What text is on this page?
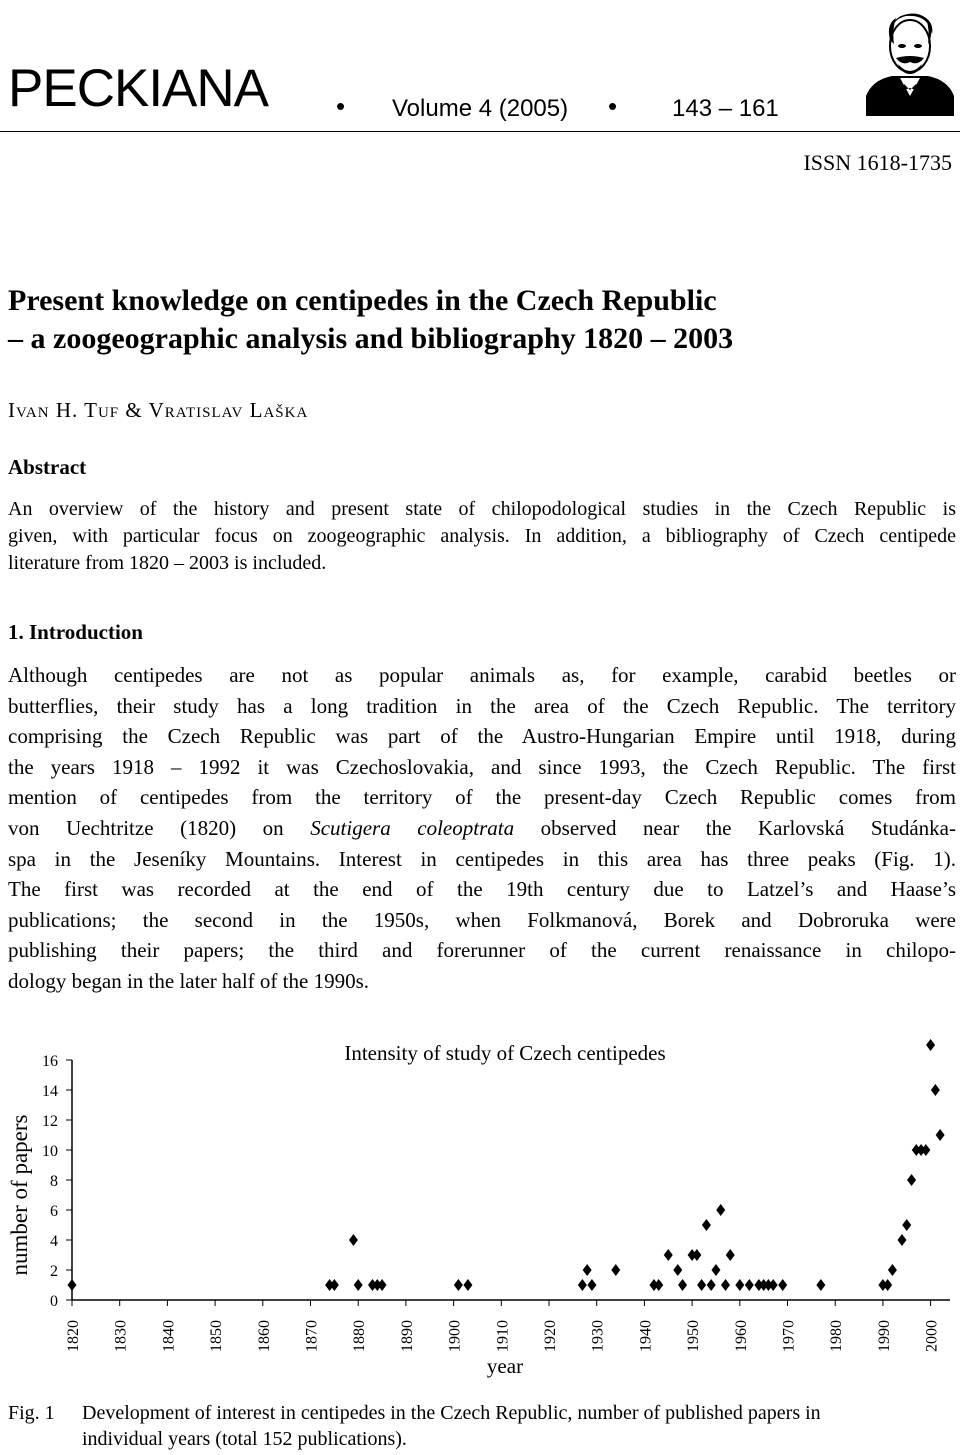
PECKIANA	• Volume 4 (2005) • 143 – 161
ISSN 1618-1735
Present knowledge on centipedes in the Czech Republic
– a zoogeographic analysis and bibliography 1820 – 2003
IVAN H. TUF & VRATISLAV LAŠKA
Abstract
An overview of the history and present state of chilopodological studies in the Czech Republic is
given, with particular focus on zoogeographic analysis. In addition, a bibliography of Czech centipede
literature from 1820 – 2003 is included.
1. Introduction
Although centipedes are not as popular animals as, for example, carabid beetles or
butterflies, their study has a long tradition in the area of the Czech Republic. The territory
comprising the Czech Republic was part of the Austro-Hungarian Empire until 1918, during
the years 1918 – 1992 it was Czechoslovakia, and since 1993, the Czech Republic. The first
mention of centipedes from the territory of the present-day Czech Republic comes from
von Uechtritze (1820) on Scutigera coleoptrata observed near the Karlovská Studánka-
spa in the Jeseníky Mountains. Interest in centipedes in this area has three peaks (Fig. 1).
The first was recorded at the end of the 19th century due to Latzel’s and Haase’s
publications; the second in the 1950s, when Folkmanová, Borek and Dobroruka were
publishing their papers; the third and forerunner of the current renaissance in chilopo-
dology began in the later half of the 1990s.
0
2
4
6
8
10
12
14
16
1820 1830 1840 1850 1860 1870 1880 1890 1900 1910 1920 1930 1940 1950 1960 1970 1980 1990 2000
Intensity of study of Czech centipedes
number of papers
year
Fig. 1 Development of interest in centipedes in the Czech Republic, number of published papers in
individual years (total 152 publications).
